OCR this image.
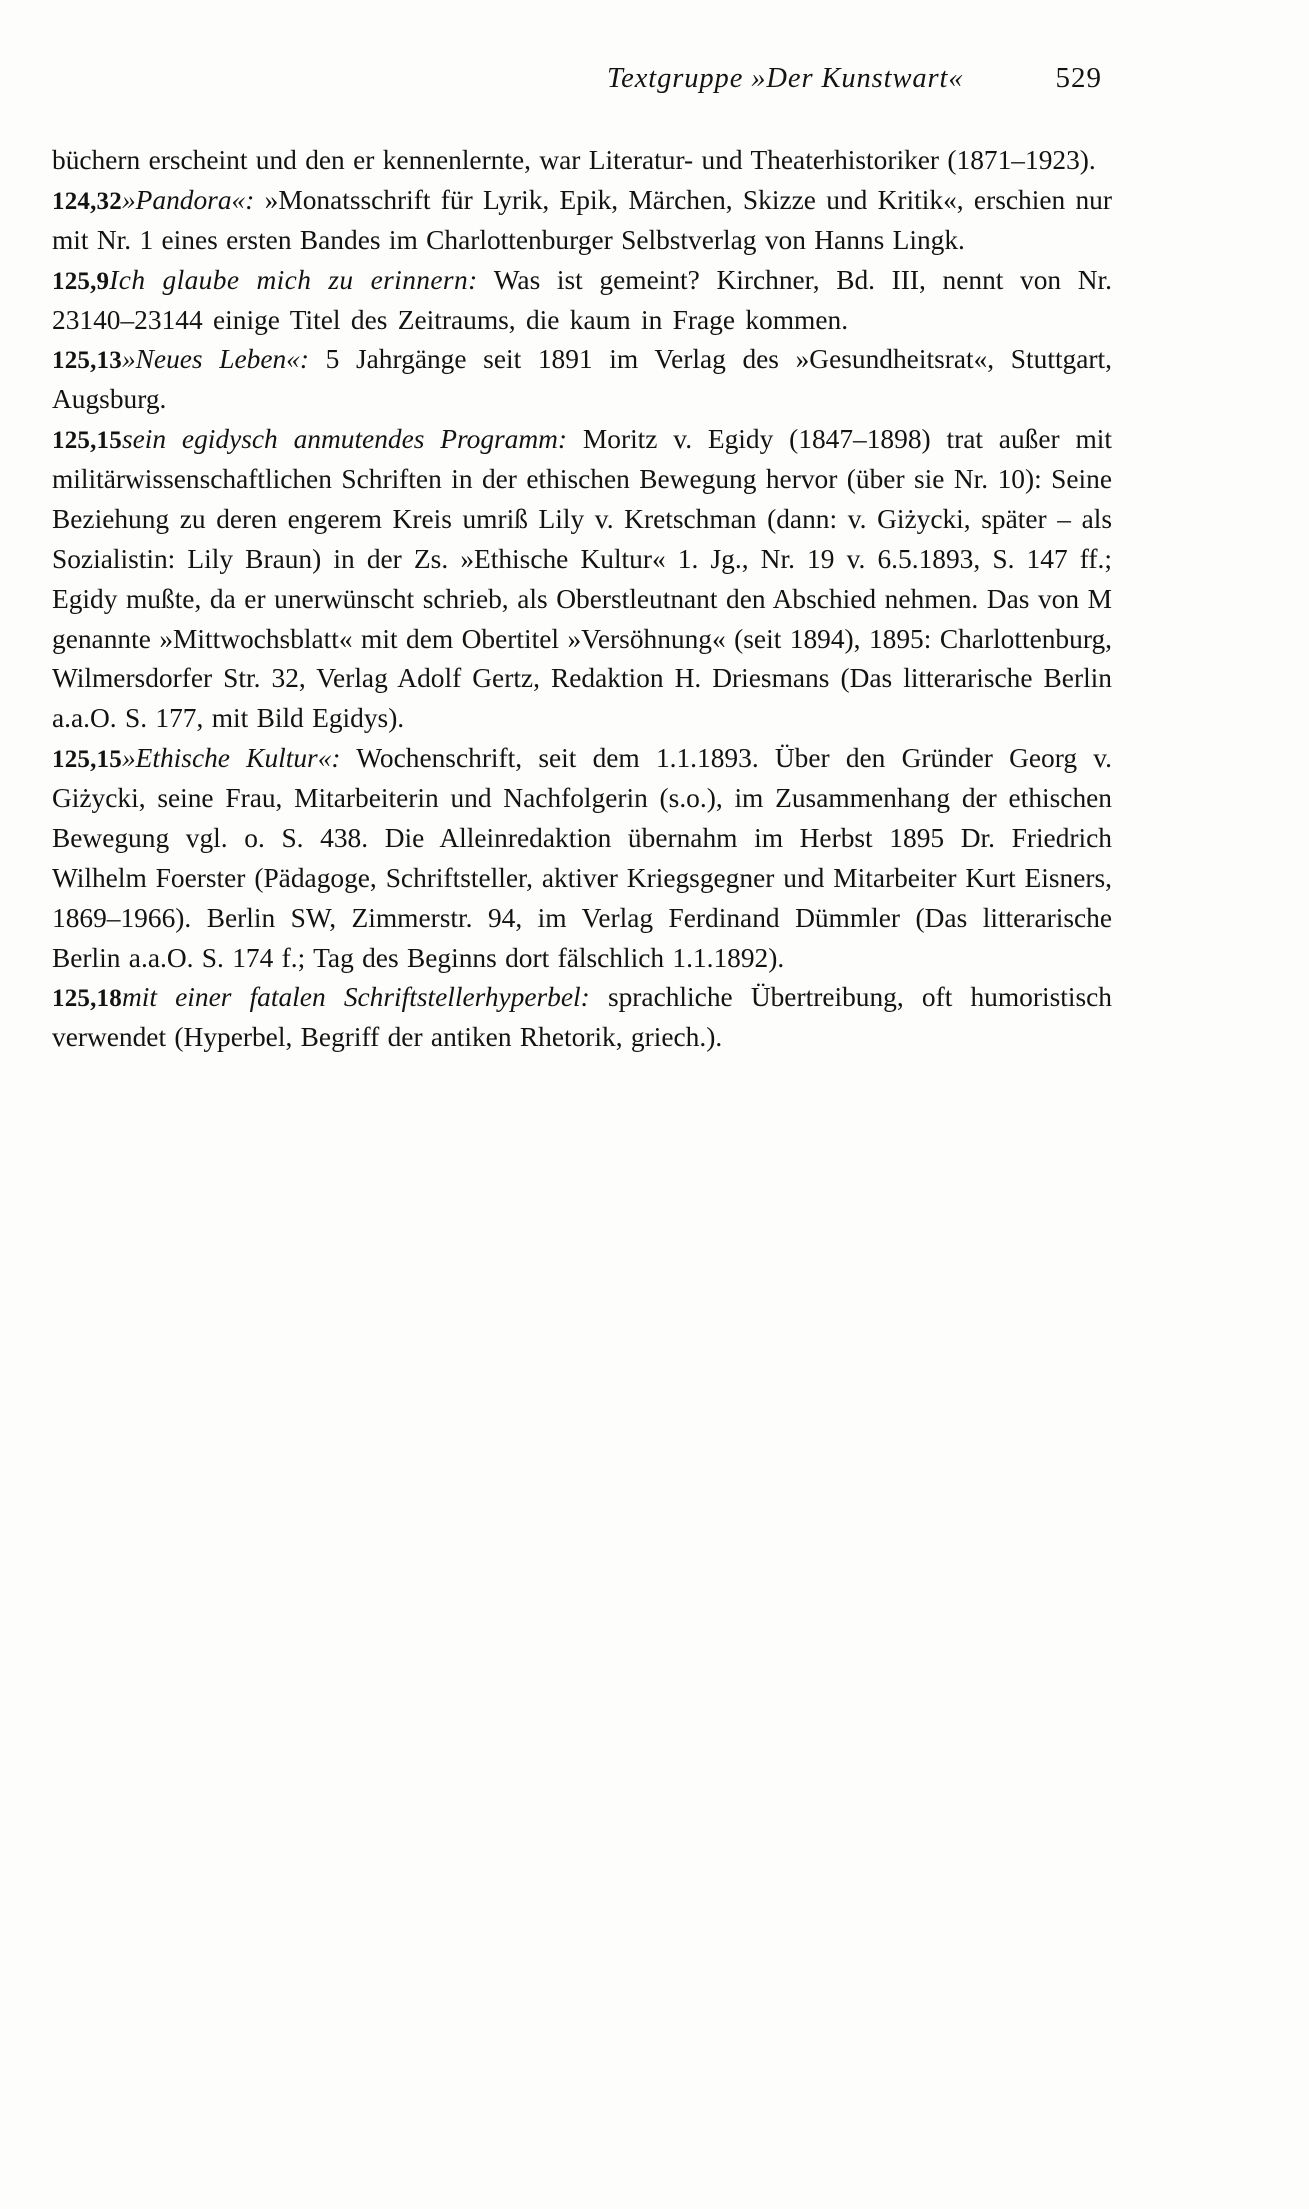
Textgruppe »Der Kunstwart«	529

büchern erscheint und den er kennenlernte, war Literatur- und Theaterhistoriker (1871–1923).

124,32»Pandora«: »Monatsschrift für Lyrik, Epik, Märchen, Skizze und Kritik«, erschien nur mit Nr. 1 eines ersten Bandes im Charlottenburger Selbstverlag von Hanns Lingk.

125,9Ich glaube mich zu erinnern: Was ist gemeint? Kirchner, Bd. III, nennt von Nr. 23140–23144 einige Titel des Zeitraums, die kaum in Frage kommen.

125,13»Neues Leben«: 5 Jahrgänge seit 1891 im Verlag des »Gesundheitsrat«, Stuttgart, Augsburg.

125,15sein egidysch anmutendes Programm: Moritz v. Egidy (1847–1898) trat außer mit militärwissenschaftlichen Schriften in der ethischen Bewegung hervor (über sie Nr. 10): Seine Beziehung zu deren engerem Kreis umriß Lily v. Kretschman (dann: v. Giżycki, später – als Sozialistin: Lily Braun) in der Zs. »Ethische Kultur« 1. Jg., Nr. 19 v. 6.5.1893, S. 147 ff.; Egidy mußte, da er unerwünscht schrieb, als Oberstleutnant den Abschied nehmen. Das von M genannte »Mittwochsblatt« mit dem Obertitel »Versöhnung« (seit 1894), 1895: Charlottenburg, Wilmersdorfer Str. 32, Verlag Adolf Gertz, Redaktion H. Driesmans (Das litterarische Berlin a.a.O. S. 177, mit Bild Egidys).

125,15»Ethische Kultur«: Wochenschrift, seit dem 1.1.1893. Über den Gründer Georg v. Giżycki, seine Frau, Mitarbeiterin und Nachfolgerin (s.o.), im Zusammenhang der ethischen Bewegung vgl. o. S. 438. Die Alleinredaktion übernahm im Herbst 1895 Dr. Friedrich Wilhelm Foerster (Pädagoge, Schriftsteller, aktiver Kriegsgegner und Mitarbeiter Kurt Eisners, 1869–1966). Berlin SW, Zimmerstr. 94, im Verlag Ferdinand Dümmler (Das litterarische Berlin a.a.O. S. 174 f.; Tag des Beginns dort fälschlich 1.1.1892).

125,18mit einer fatalen Schriftstellerhyperbel: sprachliche Übertreibung, oft humoristisch verwendet (Hyperbel, Begriff der antiken Rhetorik, griech.).
